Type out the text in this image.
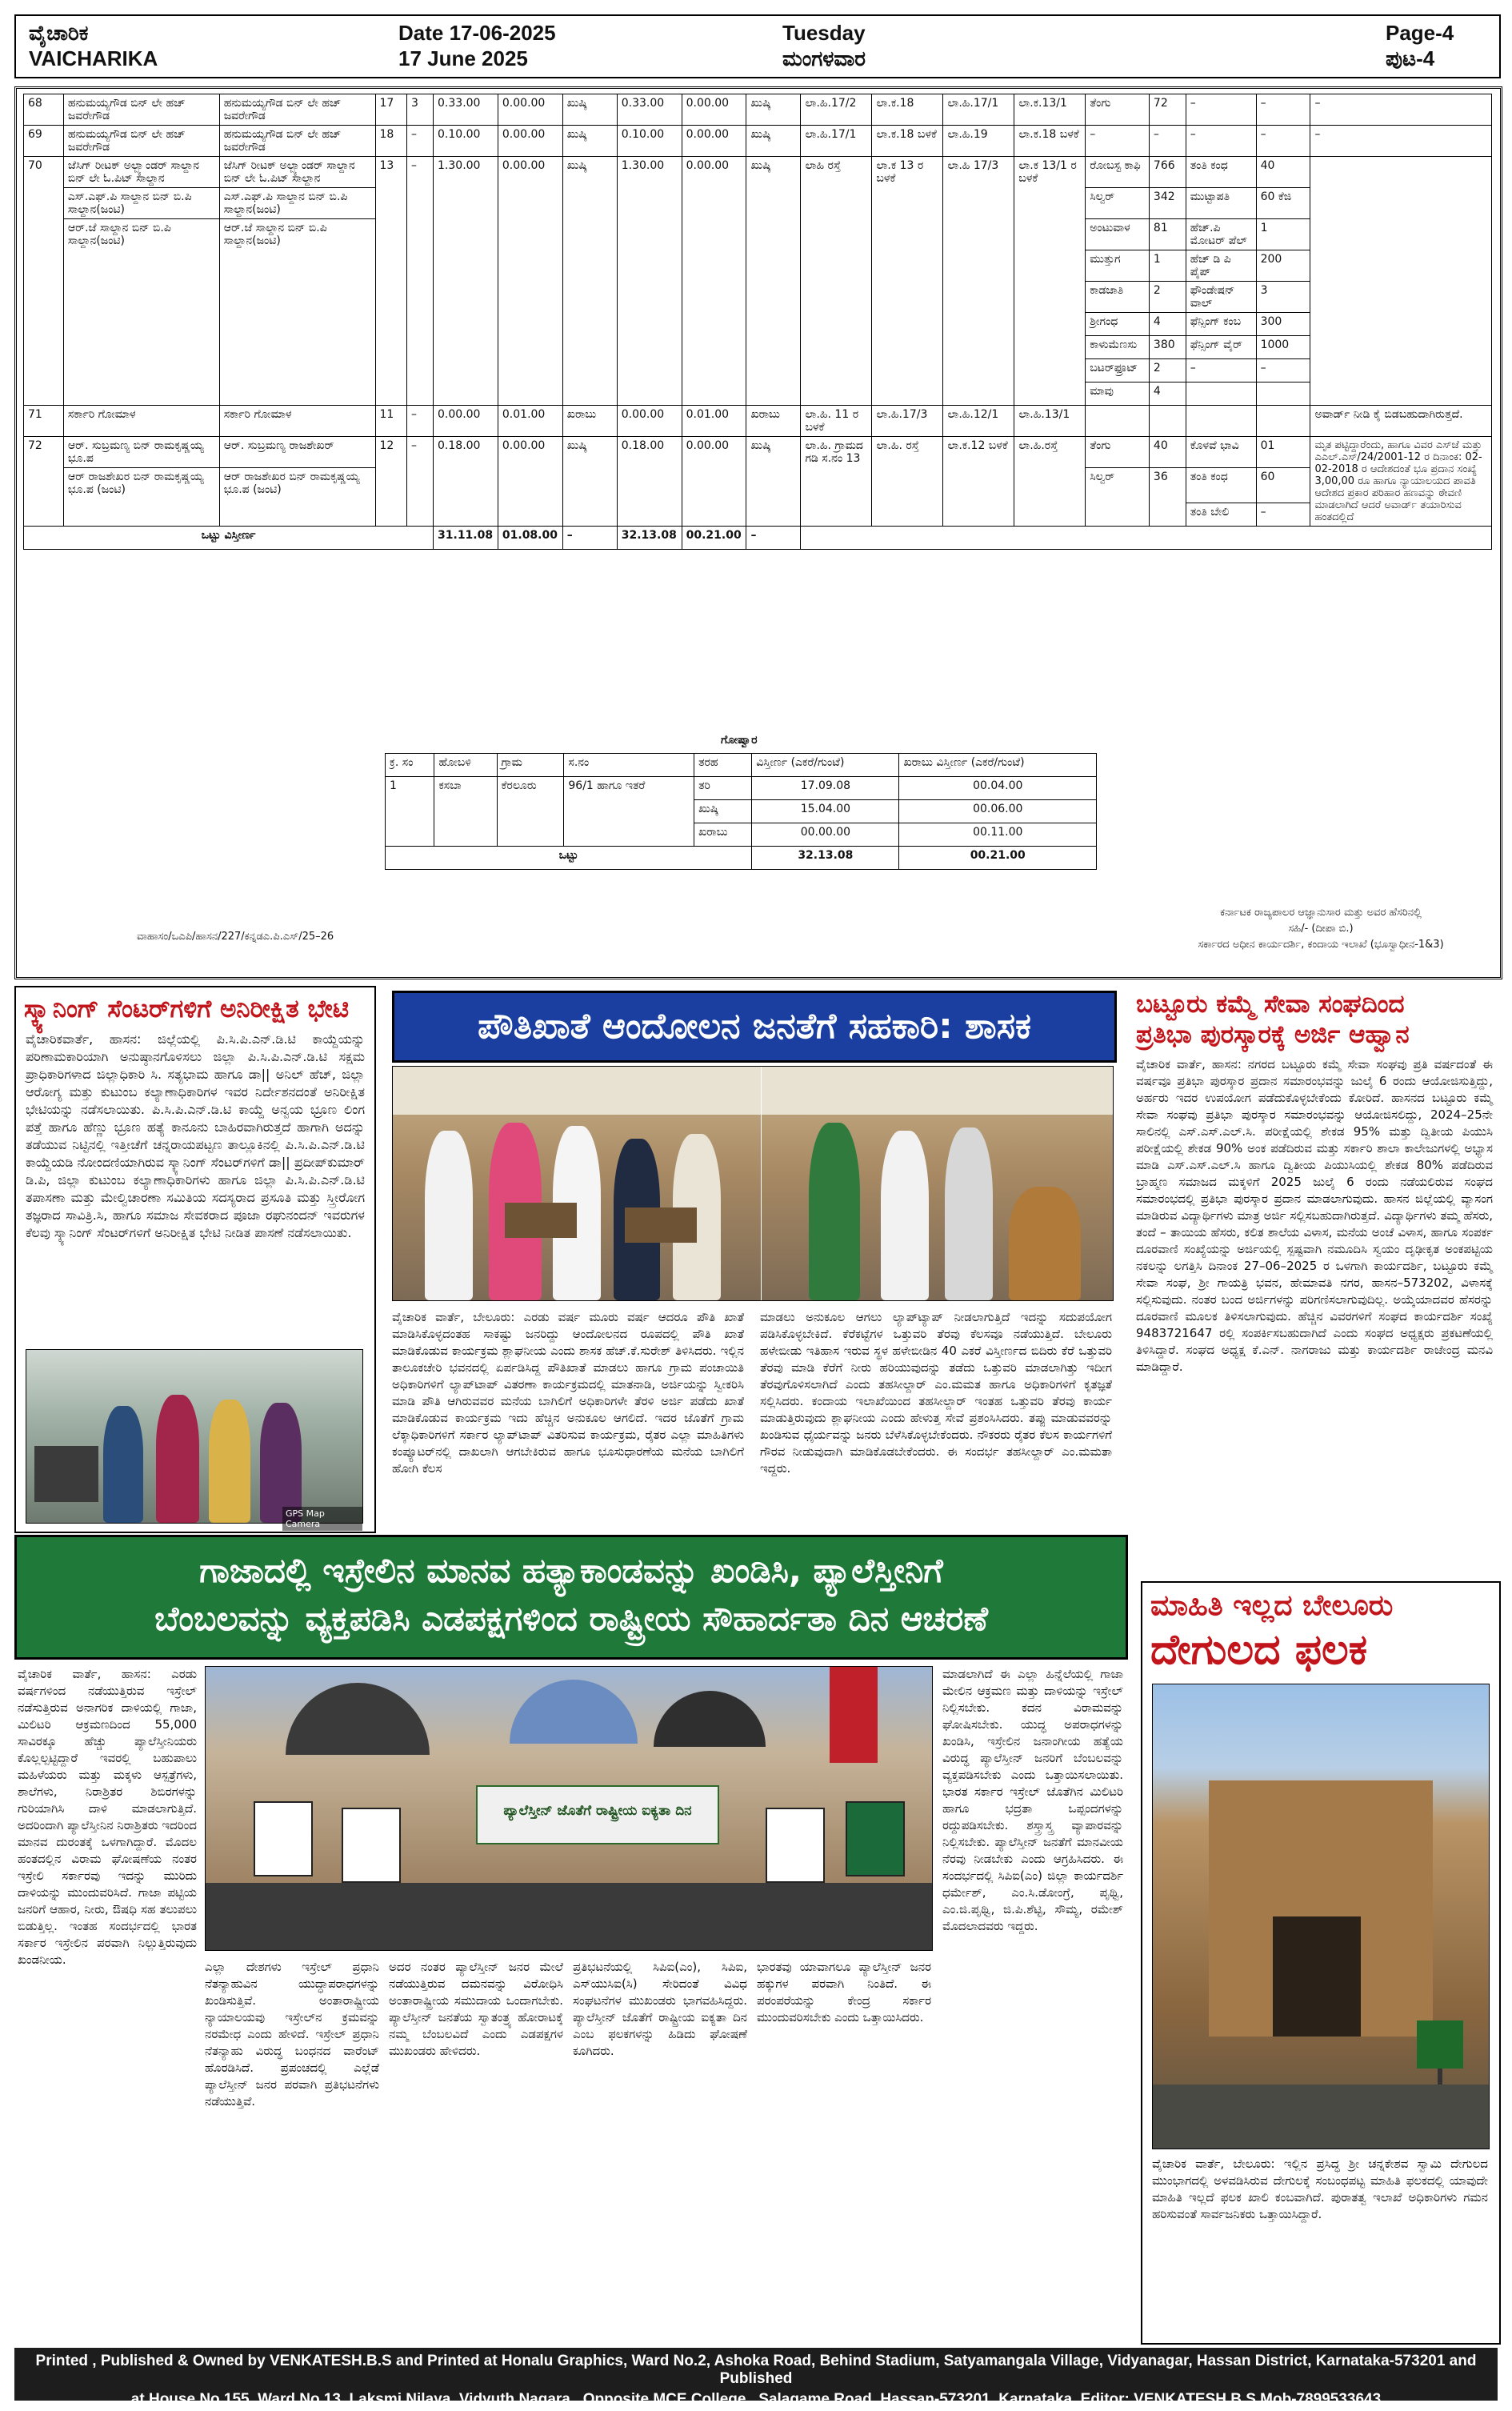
ವೈಚಾರಿಕ
VAICHARIKA
Date 17-06-2025
17 June 2025
Tuesday
ಮಂಗಳವಾರ
Page-4
ಪುಟ-4
68	ಹನುಮಯ್ಯಗೌಡ ಬಿನ್ ಲೇ ಹಚ್ ಜವರೇಗೌಡ	ಹನುಮಯ್ಯಗೌಡ ಬಿನ್ ಲೇ ಹಚ್ ಜವರೇಗೌಡ	17	3	0.33.00	0.00.00	ಖುಷ್ಕಿ	0.33.00	0.00.00	ಖುಷ್ಕಿ	ಲಾ.ಹಿ.17/2	ಲಾ.ಕ.18	ಲಾ.ಹಿ.17/1	ಲಾ.ಕ.13/1	ತೆಂಗು	72	–	–	–
69	ಹನುಮಯ್ಯಗೌಡ ಬಿನ್ ಲೇ ಹಚ್ ಜವರೇಗೌಡ	ಹನುಮಯ್ಯಗೌಡ ಬಿನ್ ಲೇ ಹಚ್ ಜವರೇಗೌಡ	18	–	0.10.00	0.00.00	ಖುಷ್ಕಿ	0.10.00	0.00.00	ಖುಷ್ಕಿ	ಲಾ.ಹಿ.17/1	ಲಾ.ಕ.18 ಬಳಕೆ	ಲಾ.ಹಿ.19	ಲಾ.ಕ.18 ಬಳಕೆ	–	–	–	–	–
70	ಜೆಸಿಗ್ ರೀಟಕ್ ಅಲ್ಬ್ಯಾಂಡರ್ ಸಾಲ್ದಾನ ಬಿನ್ ಲೇ ಓ.ಪಿಟ್ ಸಾಲ್ದಾನ	ಜೆಸಿಗ್ ರೀಟಕ್ ಅಲ್ಬ್ಯಾಂಡರ್ ಸಾಲ್ದಾನ ಬಿನ್ ಲೇ ಓ.ಪಿಟ್ ಸಾಲ್ದಾನ	13	–	1.30.00	0.00.00	ಖುಷ್ಕಿ	1.30.00	0.00.00	ಖುಷ್ಕಿ	ಲಾಹಿ ರಸ್ತೆ	ಲಾ.ಕ 13 ರ ಬಳಕೆ	ಲಾ.ಹಿ 17/3	ಲಾ.ಕ 13/1 ರ ಬಳಕೆ	ರೋಬಸ್ಟ ಕಾಫಿ	766	ತಂತಿ ಕಂಧ	40	
	ಎಸ್.ಎಫ್.ಪಿ ಸಾಲ್ದಾನ ಬಿನ್ ಬಿ.ಪಿ ಸಾಲ್ದಾನ(ಜಂಟಿ)	ಎಸ್.ಎಫ್.ಪಿ ಸಾಲ್ದಾನ ಬಿನ್ ಬಿ.ಪಿ ಸಾಲ್ದಾನ(ಜಂಟಿ)													ಸಿಲ್ವರ್	342	ಮುಟ್ಟಾಪತಿ	60 ಕೆಜಿ	
	ಆರ್.ಜೆ ಸಾಲ್ದಾನ ಬಿನ್ ಬಿ.ಪಿ ಸಾಲ್ದಾನ(ಜಂಟಿ)	ಆರ್.ಜೆ ಸಾಲ್ದಾನ ಬಿನ್ ಬಿ.ಪಿ ಸಾಲ್ದಾನ(ಜಂಟಿ)													ಅಂಟುವಾಳ	81	ಹೆಚ್.ಪಿ ಮೋಟರ್ ಪೆಲ್	1	
															ಮುತ್ತುಗ	1	ಹೆಚ್ ಡಿ ಪಿ ಪೈಪ್	200	
															ಕಾಡಜಾತಿ	2	ಫೌಂಡೇಷನ್ ವಾಲ್	3	
															ಶ್ರೀಗಂಧ	4	ಫೆನ್ಸಿಂಗ್ ಕಂಬ	300	
															ಕಾಳುಮೆಣಸು	380	ಫೆನ್ಸಿಂಗ್ ವೈರ್	1000	
															ಬಟರ್‌ಫ್ರೂಟ್	2	–	–	
															ಮಾವು	4			
71	ಸರ್ಕಾರಿ ಗೋಮಾಳ	ಸರ್ಕಾರಿ ಗೋಮಾಳ	11	–	0.00.00	0.01.00	ಖರಾಬು	0.00.00	0.01.00	ಖರಾಬು	ಲಾ.ಹಿ. 11 ರ ಬಳಕೆ	ಲಾ.ಹಿ.17/3	ಲಾ.ಹಿ.12/1	ಲಾ.ಹಿ.13/1					ಅವಾರ್ಡ್ ನೀಡಿ ಕೈ ಬಿಡಬಹುದಾಗಿರುತ್ತದೆ.
72	ಆರ್. ಸುಬ್ರಮಣ್ಯ ಬಿನ್ ರಾಮಕೃಷ್ಣಯ್ಯ ಭೂ.ಪ	ಆರ್. ಸುಬ್ರಮಣ್ಯ ರಾಜಶೇಖರ್	12	–	0.18.00	0.00.00	ಖುಷ್ಕಿ	0.18.00	0.00.00	ಖುಷ್ಕಿ	ಲಾ.ಹಿ. ಗ್ರಾಮದ ಗಡಿ ಸ.ನಂ 13	ಲಾ.ಹಿ. ರಸ್ತೆ	ಲಾ.ಕ.12 ಬಳಕೆ	ಲಾ.ಹಿ.ರಸ್ತೆ	ತೆಂಗು	40	ಕೊಳವೆ ಭಾವಿ	01	ಮೃತ ಪಟ್ಟಿದ್ದಾರೆಂದು, ಹಾಗೂ ವಿವರ ಎಸ್‌ಜೆ ಮತ್ತು ಎಎಲ್.ಎಸ್/24/2001-12 ರ ದಿನಾಂಕ: 02-02-2018 ರ ಆದೇಶದಂತೆ ಭೂ ಪ್ರದಾನ ಸಂಖ್ಯೆ 3,00,00 ರೂ ಹಾಗೂ ನ್ಯಾಯಾಲಯದ ಪಾವತಿ ಆದೇಶದ ಪ್ರಕಾರ ಪರಿಹಾರ ಹಣವನ್ನು ಠೇವಣಿ ಮಾಡಲಾಗಿದೆ ಆದರೆ ಅವಾರ್ಡ್ ತಯಾರಿಸುವ ಹಂತದಲ್ಲಿದೆ
	ಆರ್ ರಾಜಶೇಖರ ಬಿನ್ ರಾಮಕೃಷ್ಣಯ್ಯ ಭೂ.ಪ (ಜಂಟಿ)	ಆರ್ ರಾಜಶೇಖರ ಬಿನ್ ರಾಮಕೃಷ್ಣಯ್ಯ ಭೂ.ಪ (ಜಂಟಿ)													ಸಿಲ್ವರ್	36	ತಂತಿ ಕಂಧ	60	
																	ತಂತಿ ಬೇಲಿ	–	
ಒಟ್ಟು ವಿಸ್ತೀರ್ಣ					31.11.08	01.08.00	–	32.13.08	00.21.00	–									
ಗೋಷ್ವಾರ
ಕ್ರ. ಸಂ	ಹೋಬಳಿ	ಗ್ರಾಮ	ಸ.ನಂ	ತರಹ	ವಿಸ್ತೀರ್ಣ (ಎಕರೆ/ಗುಂಟೆ)	ಖರಾಬು ವಿಸ್ತೀರ್ಣ (ಎಕರೆ/ಗುಂಟೆ)
1	ಕಸಬಾ	ಕೆರಲೂರು	96/1 ಹಾಗೂ ಇತರೆ	ತರಿ	17.09.08	00.04.00
				ಖುಷ್ಕಿ	15.04.00	00.06.00
				ಖರಾಬು	00.00.00	00.11.00
ಒಟ್ಟು					32.13.08	00.21.00
ವಾಹಾಸಂ/ಒಎಪಿ/ಹಾಸನ/227/ಕನ್ನಡ‌ಎ.ಪಿ.ಎಸ್/25–26
ಕರ್ನಾಟಕ ರಾಜ್ಯಪಾಲರ ಆಜ್ಞಾನುಸಾರ ಮತ್ತು ಅವರ ಹೆಸರಿನಲ್ಲಿ
ಸಹಿ/- (ದೀಪಾ ಬಿ.)
ಸರ್ಕಾರದ ಅಧೀನ ಕಾರ್ಯದರ್ಶಿ, ಕಂದಾಯ ಇಲಾಖೆ (ಭೂಸ್ವಾಧೀನ-1&3)
ಸ್ಕ್ಯಾನಿಂಗ್ ಸೆಂಟರ್‌ಗಳಿಗೆ ಅನಿರೀಕ್ಷಿತ ಭೇಟಿ
ವೈಚಾರಿಕವಾರ್ತೆ, ಹಾಸನ: ಜಿಲ್ಲೆಯಲ್ಲಿ ಪಿ.ಸಿ.ಪಿ.ಎನ್.ಡಿ.ಟಿ ಕಾಯ್ದೆಯನ್ನು ಪರಿಣಾಮಕಾರಿಯಾಗಿ ಅನುಷ್ಠಾನಗೊಳಿಸಲು ಜಿಲ್ಲಾ ಪಿ.ಸಿ.ಪಿ.ಎನ್.ಡಿ.ಟಿ ಸಕ್ಷಮ ಪ್ರಾಧಿಕಾರಿಗಳಾದ ಜಿಲ್ಲಾಧಿಕಾರಿ ಸಿ. ಸತ್ಯಭಾಮ ಹಾಗೂ ಡಾ|| ಅನಿಲ್ ಹೆಚ್, ಜಿಲ್ಲಾ ಆರೋಗ್ಯ ಮತ್ತು ಕುಟುಂಬ ಕಲ್ಯಾಣಾಧಿಕಾರಿಗಳ ಇವರ ನಿರ್ದೇಶನದಂತೆ ಅನಿರೀಕ್ಷಿತ ಭೇಟಿಯನ್ನು ನಡೆಸಲಾಯಿತು. ಪಿ.ಸಿ.ಪಿ.ಎನ್.ಡಿ.ಟಿ ಕಾಯ್ದೆ ಅನ್ವಯ ಭ್ರೂಣ ಲಿಂಗ ಪತ್ತೆ ಹಾಗೂ ಹೆಣ್ಣು ಭ್ರೂಣ ಹತ್ಯೆ ಕಾನೂನು ಬಾಹಿರವಾಗಿರುತ್ತದೆ ಹಾಗಾಗಿ ಅದನ್ನು ತಡೆಯುವ ನಿಟ್ಟಿನಲ್ಲಿ ಇತ್ತೀಚೆಗೆ ಚನ್ನರಾಯಪಟ್ಟಣ ತಾಲ್ಲೂಕಿನಲ್ಲಿ ಪಿ.ಸಿ.ಪಿ.ಎನ್.ಡಿ.ಟಿ ಕಾಯ್ದೆಯಡಿ ನೋಂದಣಿಯಾಗಿರುವ ಸ್ಕ್ಯಾನಿಂಗ್ ಸೆಂಟರ್‌ಗಳಿಗೆ ಡಾ|| ಪ್ರದೀಪ್‌ಕುಮಾರ್ ಡಿ.ಪಿ, ಜಿಲ್ಲಾ ಕುಟುಂಬ ಕಲ್ಯಾಣಾಧಿಕಾರಿಗಳು ಹಾಗೂ ಜಿಲ್ಲಾ ಪಿ.ಸಿ.ಪಿ.ಎನ್.ಡಿ.ಟಿ ತಪಾಸಣಾ ಮತ್ತು ಮೇಲ್ವಿಚಾರಣಾ ಸಮಿತಿಯ ಸದಸ್ಯರಾದ ಪ್ರಸೂತಿ ಮತ್ತು ಸ್ತ್ರೀರೋಗ ತಜ್ಞರಾದ ಸಾವಿತ್ರಿ.ಸಿ, ಹಾಗೂ ಸಮಾಜ ಸೇವಕರಾದ ಪೂಜಾ ರಘುನಂದನ್ ಇವರುಗಳ ಕೆಲವು ಸ್ಕ್ಯಾನಿಂಗ್ ಸೆಂಟರ್‌ಗಳಿಗೆ ಅನಿರೀಕ್ಷಿತ ಭೇಟಿ ನೀಡಿತ ಪಾಸಣೆ ನಡೆಸಲಾಯಿತು.
GPS Map Camera
ಪೌತಿಖಾತೆ ಆಂದೋಲನ ಜನತೆಗೆ ಸಹಕಾರಿ: ಶಾಸಕ
ವೈಚಾರಿಕ ವಾರ್ತೆ, ಬೇಲೂರು: ಎರಡು ವರ್ಷ ಮೂರು ವರ್ಷ ಆದರೂ ಪೌತಿ ಖಾತೆ ಮಾಡಿಸಿಕೊಳ್ಳದಂತಹ ಸಾಕಷ್ಟು ಜನರಿದ್ದು ಆಂದೋಲನದ ರೂಪದಲ್ಲಿ ಪೌತಿ ಖಾತೆ ಮಾಡಿಕೊಡುವ ಕಾರ್ಯಕ್ರಮ ಶ್ಲಾಘನೀಯ ಎಂದು ಶಾಸಕ ಹೆಚ್.ಕೆ.ಸುರೇಶ್ ತಿಳಿಸಿದರು. ಇಲ್ಲಿನ ತಾಲೂಕಚೇರಿ ಭವನದಲ್ಲಿ ಏರ್ಪಡಿಸಿದ್ದ ಪೌತಿಖಾತೆ ಮಾಡಲು ಹಾಗೂ ಗ್ರಾಮ ಪಂಚಾಯಿತಿ ಅಧಿಕಾರಿಗಳಿಗೆ ಲ್ಯಾಪ್‌ಟಾಪ್ ವಿತರಣಾ ಕಾರ್ಯಕ್ರಮದಲ್ಲಿ ಮಾತನಾಡಿ, ಅರ್ಜಿಯನ್ನು ಸ್ವೀಕರಿಸಿ ಮಾಡಿ ಪೌತಿ ಆಗಿರುವವರ ಮನೆಯ ಬಾಗಿಲಿಗೆ ಅಧಿಕಾರಿಗಳೇ ತೆರಳಿ ಅರ್ಜಿ ಪಡೆದು ಖಾತೆ ಮಾಡಿಕೊಡುವ ಕಾರ್ಯಕ್ರಮ ಇದು ಹೆಚ್ಚಿನ ಅನುಕೂಲ ಆಗಲಿದೆ. ಇದರ ಜೊತೆಗೆ ಗ್ರಾಮ ಲೆಕ್ಕಾಧಿಕಾರಿಗಳಿಗೆ ಸರ್ಕಾರ ಲ್ಯಾಪ್‌ಟಾಪ್ ವಿತರಿಸುವ ಕಾರ್ಯಕ್ರಮ, ರೈತರ ಎಲ್ಲಾ ಮಾಹಿತಿಗಳು ಕಂಪ್ಯೂಟರ್‌ನಲ್ಲಿ ದಾಖಲಾಗಿ ಆಗಬೇಕಿರುವ ಹಾಗೂ ಭೂಸುಧಾರಣೆಯ ಮನೆಯ ಬಾಗಿಲಿಗೆ ಹೋಗಿ ಕೆಲಸ
ಮಾಡಲು ಅನುಕೂಲ ಆಗಲು ಲ್ಯಾಪ್‌ಟ್ಯಾಪ್ ನೀಡಲಾಗುತ್ತಿದೆ ಇದನ್ನು ಸದುಪಯೋಗ ಪಡಿಸಿಕೊಳ್ಳಬೇಕಿದೆ. ಕೆರೆಕಟ್ಟೆಗಳ ಒತ್ತುವರಿ ತೆರವು ಕೆಲಸವೂ ನಡೆಯುತ್ತಿದೆ. ಬೇಲೂರು ಹಳೇಬೀಡು ಇತಿಹಾಸ ಇರುವ ಸ್ಥಳ ಹಳೇಬೀಡಿನ 40 ಎಕರೆ ವಿಸ್ತೀರ್ಣದ ಬಿದಿರು ಕೆರೆ ಒತ್ತುವರಿ ತೆರವು ಮಾಡಿ ಕೆರೆಗೆ ನೀರು ಹರಿಯುವುದನ್ನು ತಡೆದು ಒತ್ತುವರಿ ಮಾಡಲಾಗಿತ್ತು ಇದೀಗ ತೆರವುಗೊಳಿಸಲಾಗಿದೆ ಎಂದು ತಹಸೀಲ್ದಾರ್ ಎಂ.ಮಮತ ಹಾಗೂ ಅಧಿಕಾರಿಗಳಿಗೆ ಕೃತಜ್ಞತೆ ಸಲ್ಲಿಸಿದರು. ಕಂದಾಯ ಇಲಾಖೆಯಿಂದ ತಹಸೀಲ್ದಾರ್ ಇಂತಹ ಒತ್ತುವರಿ ತೆರವು ಕಾರ್ಯ ಮಾಡುತ್ತಿರುವುದು ಶ್ಲಾಘನೀಯ ಎಂದು ಹೇಳುತ್ತ ಸೇವೆ ಪ್ರಶಂಸಿಸಿದರು. ತಪ್ಪು ಮಾಡುವವರನ್ನು ಖಂಡಿಸುವ ಧೈರ್ಯವನ್ನು ಜನರು ಬೆಳೆಸಿಕೊಳ್ಳಬೇಕೆಂದರು. ನೌಕರರು ರೈತರ ಕೆಲಸ ಕಾರ್ಯಗಳಿಗೆ ಗೌರವ ನೀಡುವುದಾಗಿ ಮಾಡಿಕೊಡಬೇಕೆಂದರು. ಈ ಸಂದರ್ಭ ತಹಸೀಲ್ದಾರ್ ಎಂ.ಮಮತಾ ಇದ್ದರು.
ಬಟ್ಟೂರು ಕಮ್ಮೆ ಸೇವಾ ಸಂಘದಿಂದ
ಪ್ರತಿಭಾ ಪುರಸ್ಕಾರಕ್ಕೆ ಅರ್ಜಿ ಆಹ್ವಾನ
ವೈಚಾರಿಕ ವಾರ್ತೆ, ಹಾಸನ: ನಗರದ ಬಟ್ಟೂರು ಕಮ್ಮೆ ಸೇವಾ ಸಂಘವು ಪ್ರತಿ ವರ್ಷದಂತೆ ಈ ವರ್ಷವೂ ಪ್ರತಿಭಾ ಪುರಸ್ಕಾರ ಪ್ರದಾನ ಸಮಾರಂಭವನ್ನು ಜುಲೈ 6 ರಂದು ಆಯೋಜಿಸುತ್ತಿದ್ದು, ಅರ್ಹರು ಇದರ ಉಪಯೋಗ ಪಡೆದುಕೊಳ್ಳಬೇಕೆಂದು ಕೋರಿದೆ. ಹಾಸನದ ಬಟ್ಟೂರು ಕಮ್ಮೆ ಸೇವಾ ಸಂಘವು ಪ್ರತಿಭಾ ಪುರಸ್ಕಾರ ಸಮಾರಂಭವನ್ನು ಆಯೋಜಿಸಲಿದ್ದು, 2024–25ನೇ ಸಾಲಿನಲ್ಲಿ ಎಸ್.ಎಸ್.ಎಲ್.ಸಿ. ಪರೀಕ್ಷೆಯಲ್ಲಿ ಶೇಕಡ 95% ಮತ್ತು ದ್ವಿತೀಯ ಪಿಯುಸಿ ಪರೀಕ್ಷೆಯಲ್ಲಿ ಶೇಕಡ 90% ಅಂಕ ಪಡೆದಿರುವ ಮತ್ತು ಸರ್ಕಾರಿ ಶಾಲಾ ಕಾಲೇಜುಗಳಲ್ಲಿ ಅಭ್ಯಾಸ ಮಾಡಿ ಎಸ್.ಎಸ್.ಎಲ್.ಸಿ ಹಾಗೂ ದ್ವಿತೀಯ ಪಿಯುಸಿಯಲ್ಲಿ ಶೇಕಡ 80% ಪಡೆದಿರುವ ಬ್ರಾಹ್ಮಣ ಸಮಾಜದ ಮಕ್ಕಳಿಗೆ 2025 ಜುಲೈ 6 ರಂದು ನಡೆಯಲಿರುವ ಸಂಘದ ಸಮಾರಂಭದಲ್ಲಿ ಪ್ರತಿಭಾ ಪುರಸ್ಕಾರ ಪ್ರದಾನ ಮಾಡಲಾಗುವುದು. ಹಾಸನ ಜಿಲ್ಲೆಯಲ್ಲಿ ವ್ಯಾಸಂಗ ಮಾಡಿರುವ ವಿದ್ಯಾರ್ಥಿಗಳು ಮಾತ್ರ ಅರ್ಜಿ ಸಲ್ಲಿಸಬಹುದಾಗಿರುತ್ತದೆ. ವಿದ್ಯಾರ್ಥಿಗಳು ತಮ್ಮ ಹೆಸರು, ತಂದೆ – ತಾಯಿಯ ಹೆಸರು, ಕಲಿತ ಶಾಲೆಯ ವಿಳಾಸ, ಮನೆಯ ಅಂಚೆ ವಿಳಾಸ, ಹಾಗೂ ಸಂಪರ್ಕ ದೂರವಾಣಿ ಸಂಖ್ಯೆಯನ್ನು ಅರ್ಜಿಯಲ್ಲಿ ಸ್ಪಷ್ಟವಾಗಿ ನಮೂದಿಸಿ ಸ್ವಯಂ ದೃಢೀಕೃತ ಅಂಕಪಟ್ಟಿಯ ನಕಲನ್ನು ಲಗತ್ತಿಸಿ ದಿನಾಂಕ 27–06–2025 ರ ಒಳಗಾಗಿ ಕಾರ್ಯದರ್ಶಿ, ಬಟ್ಟೂರು ಕಮ್ಮೆ ಸೇವಾ ಸಂಘ, ಶ್ರೀ ಗಾಯತ್ರಿ ಭವನ, ಹೇಮಾವತಿ ನಗರ, ಹಾಸನ–573202, ವಿಳಾಸಕ್ಕೆ ಸಲ್ಲಿಸುವುದು. ನಂತರ ಬಂದ ಅರ್ಜಿಗಳನ್ನು ಪರಿಗಣಿಸಲಾಗುವುದಿಲ್ಲ. ಅಯ್ಕೆಯಾದವರ ಹೆಸರನ್ನು ದೂರವಾಣಿ ಮೂಲಕ ತಿಳಿಸಲಾಗುವುದು. ಹೆಚ್ಚಿನ ವಿವರಗಳಿಗೆ ಸಂಘದ ಕಾರ್ಯದರ್ಶಿ ಸಂಖ್ಯೆ 9483721647 ರಲ್ಲಿ ಸಂಪರ್ಕಿಸಬಹುದಾಗಿದೆ ಎಂದು ಸಂಘದ ಅಧ್ಯಕ್ಷರು ಪ್ರಕಟಣೆಯಲ್ಲಿ ತಿಳಿಸಿದ್ದಾರೆ. ಸಂಘದ ಅಧ್ಯಕ್ಷ ಕೆ.ಎನ್. ನಾಗರಾಜು ಮತ್ತು ಕಾರ್ಯದರ್ಶಿ ರಾಜೇಂದ್ರ ಮನವಿ ಮಾಡಿದ್ದಾರೆ.
ಗಾಜಾದಲ್ಲಿ ಇಸ್ರೇಲಿನ ಮಾನವ ಹತ್ಯಾಕಾಂಡವನ್ನು ಖಂಡಿಸಿ, ಪ್ಯಾಲೆಸ್ತೀನಿಗೆ
ಬೆಂಬಲವನ್ನು ವ್ಯಕ್ತಪಡಿಸಿ ಎಡಪಕ್ಷಗಳಿಂದ ರಾಷ್ಟ್ರೀಯ ಸೌಹಾರ್ದತಾ ದಿನ ಆಚರಣೆ
ವೈಚಾರಿಕ ವಾರ್ತೆ, ಹಾಸನ: ಎರಡು ವರ್ಷಗಳಿಂದ ನಡೆಯುತ್ತಿರುವ ಇಸ್ರೇಲ್ ನಡೆಸುತ್ತಿರುವ ಅನಾಗರಿಕ ದಾಳಿಯಲ್ಲಿ ಗಾಜಾ, ಮಿಲಿಟರಿ ಆಕ್ರಮಣದಿಂದ 55,000 ಸಾವಿರಕ್ಕೂ ಹೆಚ್ಚು ಪ್ಯಾಲೆಸ್ತೀನಿಯರು ಕೊಲ್ಲಲ್ಪಟ್ಟಿದ್ದಾರೆ ಇವರಲ್ಲಿ ಬಹುಪಾಲು ಮಹಿಳೆಯರು ಮತ್ತು ಮಕ್ಕಳು ಆಸ್ಪತ್ರೆಗಳು, ಶಾಲೆಗಳು, ನಿರಾಶ್ರಿತರ ಶಿಬಿರಗಳನ್ನು ಗುರಿಯಾಗಿಸಿ ದಾಳಿ ಮಾಡಲಾಗುತ್ತಿದೆ. ಅದರಿಂದಾಗಿ ಪ್ಯಾಲೆಸ್ತೀನಿನ ನಿರಾಶ್ರಿತರು ಇದರಿಂದ ಮಾನವ ದುರಂತಕ್ಕೆ ಒಳಗಾಗಿದ್ದಾರೆ. ಮೊದಲ ಹಂತದಲ್ಲಿನ ವಿರಾಮ ಘೋಷಣೆಯ ನಂತರ ಇಸ್ರೇಲಿ ಸರ್ಕಾರವು ಇದನ್ನು ಮುರಿದು ದಾಳಿಯನ್ನು ಮುಂದುವರಿಸಿದೆ. ಗಾಜಾ ಪಟ್ಟಿಯ ಜನರಿಗೆ ಆಹಾರ, ನೀರು, ಔಷಧಿ ಸಹ ತಲುಪಲು ಬಿಡುತ್ತಿಲ್ಲ. ಇಂತಹ ಸಂದರ್ಭದಲ್ಲಿ ಭಾರತ ಸರ್ಕಾರ ಇಸ್ರೇಲಿನ ಪರವಾಗಿ ನಿಲ್ಲುತ್ತಿರುವುದು ಖಂಡನೀಯ.
ಪ್ಯಾಲೆಸ್ತೀನ್ ಜೊತೆಗೆ ರಾಷ್ಟ್ರೀಯ ಐಕ್ಯತಾ ದಿನ
ಎಲ್ಲಾ ದೇಶಗಳು ಇಸ್ರೇಲ್ ಪ್ರಧಾನಿ ನೆತನ್ಯಾಹುವಿನ ಯುದ್ಧಾಪರಾಧಗಳನ್ನು ಖಂಡಿಸುತ್ತಿವೆ. ಅಂತಾರಾಷ್ಟ್ರೀಯ ನ್ಯಾಯಾಲಯವು ಇಸ್ರೇಲ್‌ನ ಕ್ರಮವನ್ನು ನರಮೇಧ ಎಂದು ಹೇಳಿದೆ. ಇಸ್ರೇಲ್ ಪ್ರಧಾನಿ ನೆತನ್ಯಾಹು ವಿರುದ್ಧ ಬಂಧನದ ವಾರೆಂಟ್ ಹೊರಡಿಸಿದೆ. ಪ್ರಪಂಚದಲ್ಲಿ ಎಲ್ಲೆಡೆ ಪ್ಯಾಲೆಸ್ತೀನ್ ಜನರ ಪರವಾಗಿ ಪ್ರತಿಭಟನೆಗಳು ನಡೆಯುತ್ತಿವೆ.
ಅದರ ನಂತರ ಪ್ಯಾಲೆಸ್ತೀನ್ ಜನರ ಮೇಲೆ ನಡೆಯುತ್ತಿರುವ ದಮನವನ್ನು ವಿರೋಧಿಸಿ ಅಂತಾರಾಷ್ಟ್ರೀಯ ಸಮುದಾಯ ಒಂದಾಗಬೇಕು. ಪ್ಯಾಲೆಸ್ತೀನ್ ಜನತೆಯ ಸ್ವಾತಂತ್ರ್ಯ ಹೋರಾಟಕ್ಕೆ ನಮ್ಮ ಬೆಂಬಲವಿದೆ ಎಂದು ಎಡಪಕ್ಷಗಳ ಮುಖಂಡರು ಹೇಳಿದರು.
ಪ್ರತಿಭಟನೆಯಲ್ಲಿ ಸಿಪಿಐ(ಎಂ), ಸಿಪಿಐ, ಎಸ್‌ಯುಸಿಐ(ಸಿ) ಸೇರಿದಂತೆ ವಿವಿಧ ಸಂಘಟನೆಗಳ ಮುಖಂಡರು ಭಾಗವಹಿಸಿದ್ದರು. ಪ್ಯಾಲೆಸ್ತೀನ್ ಜೊತೆಗೆ ರಾಷ್ಟ್ರೀಯ ಐಕ್ಯತಾ ದಿನ ಎಂಬ ಫಲಕಗಳನ್ನು ಹಿಡಿದು ಘೋಷಣೆ ಕೂಗಿದರು.
ಭಾರತವು ಯಾವಾಗಲೂ ಪ್ಯಾಲೆಸ್ತೀನ್ ಜನರ ಹಕ್ಕುಗಳ ಪರವಾಗಿ ನಿಂತಿದೆ. ಈ ಪರಂಪರೆಯನ್ನು ಕೇಂದ್ರ ಸರ್ಕಾರ ಮುಂದುವರಿಸಬೇಕು ಎಂದು ಒತ್ತಾಯಿಸಿದರು.
ಮಾಡಲಾಗಿದೆ ಈ ಎಲ್ಲಾ ಹಿನ್ನೆಲೆಯಲ್ಲಿ ಗಾಜಾ ಮೇಲಿನ ಆಕ್ರಮಣ ಮತ್ತು ದಾಳಿಯನ್ನು ಇಸ್ರೇಲ್ ನಿಲ್ಲಿಸಬೇಕು. ಕದನ ವಿರಾಮವನ್ನು ಘೋಷಿಸಬೇಕು. ಯುದ್ಧ ಅಪರಾಧಗಳನ್ನು ಖಂಡಿಸಿ, ಇಸ್ರೇಲಿನ ಜನಾಂಗೀಯ ಹತ್ಯೆಯ ವಿರುದ್ಧ ಪ್ಯಾಲೆಸ್ತೀನ್ ಜನರಿಗೆ ಬೆಂಬಲವನ್ನು ವ್ಯಕ್ತಪಡಿಸಬೇಕು ಎಂದು ಒತ್ತಾಯಿಸಲಾಯಿತು. ಭಾರತ ಸರ್ಕಾರ ಇಸ್ರೇಲ್ ಜೊತೆಗಿನ ಮಿಲಿಟರಿ ಹಾಗೂ ಭದ್ರತಾ ಒಪ್ಪಂದಗಳನ್ನು ರದ್ದುಪಡಿಸಬೇಕು. ಶಸ್ತ್ರಾಸ್ತ್ರ ವ್ಯಾಪಾರವನ್ನು ನಿಲ್ಲಿಸಬೇಕು. ಪ್ಯಾಲೆಸ್ತೀನ್ ಜನತೆಗೆ ಮಾನವೀಯ ನೆರವು ನೀಡಬೇಕು ಎಂದು ಆಗ್ರಹಿಸಿದರು. ಈ ಸಂದರ್ಭದಲ್ಲಿ ಸಿಪಿಐ(ಎಂ) ಜಿಲ್ಲಾ ಕಾರ್ಯದರ್ಶಿ ಧರ್ಮೇಶ್, ಎಂ.ಸಿ.ಡೋಂಗ್ರೆ, ಪೃಥ್ವಿ, ಎಂ.ಜಿ.ಪೃಥ್ವಿ, ಜಿ.ಪಿ.ಶೆಟ್ಟಿ, ಸೌಮ್ಯ, ರಮೇಶ್ ಮೊದಲಾದವರು ಇದ್ದರು.
ಮಾಹಿತಿ ಇಲ್ಲದ ಬೇಲೂರು
ದೇಗುಲದ ಫಲಕ
ವೈಚಾರಿಕ ವಾರ್ತೆ, ಬೇಲೂರು: ಇಲ್ಲಿನ ಪ್ರಸಿದ್ಧ ಶ್ರೀ ಚನ್ನಕೇಶವ ಸ್ವಾಮಿ ದೇಗುಲದ ಮುಂಭಾಗದಲ್ಲಿ ಅಳವಡಿಸಿರುವ ದೇಗುಲಕ್ಕೆ ಸಂಬಂಧಪಟ್ಟ ಮಾಹಿತಿ ಫಲಕದಲ್ಲಿ ಯಾವುದೇ ಮಾಹಿತಿ ಇಲ್ಲದೆ ಫಲಕ ಖಾಲಿ ಕಂಬವಾಗಿದೆ. ಪುರಾತತ್ವ ಇಲಾಖೆ ಅಧಿಕಾರಿಗಳು ಗಮನ ಹರಿಸುವಂತೆ ಸಾರ್ವಜನಿಕರು ಒತ್ತಾಯಿಸಿದ್ದಾರೆ.
Printed , Published & Owned by VENKATESH.B.S and Printed at Honalu Graphics, Ward No.2, Ashoka Road, Behind Stadium, Satyamangala Village, Vidyanagar, Hassan District, Karnataka-573201 and Published
at House No.155, Ward No.13, Laksmi Nilaya, Vidyuth Nagara , Opposite MCE College , Salagame Road, Hassan-573201, Karnataka. Editor: VENKATESH.B.S Mob-7899533643
